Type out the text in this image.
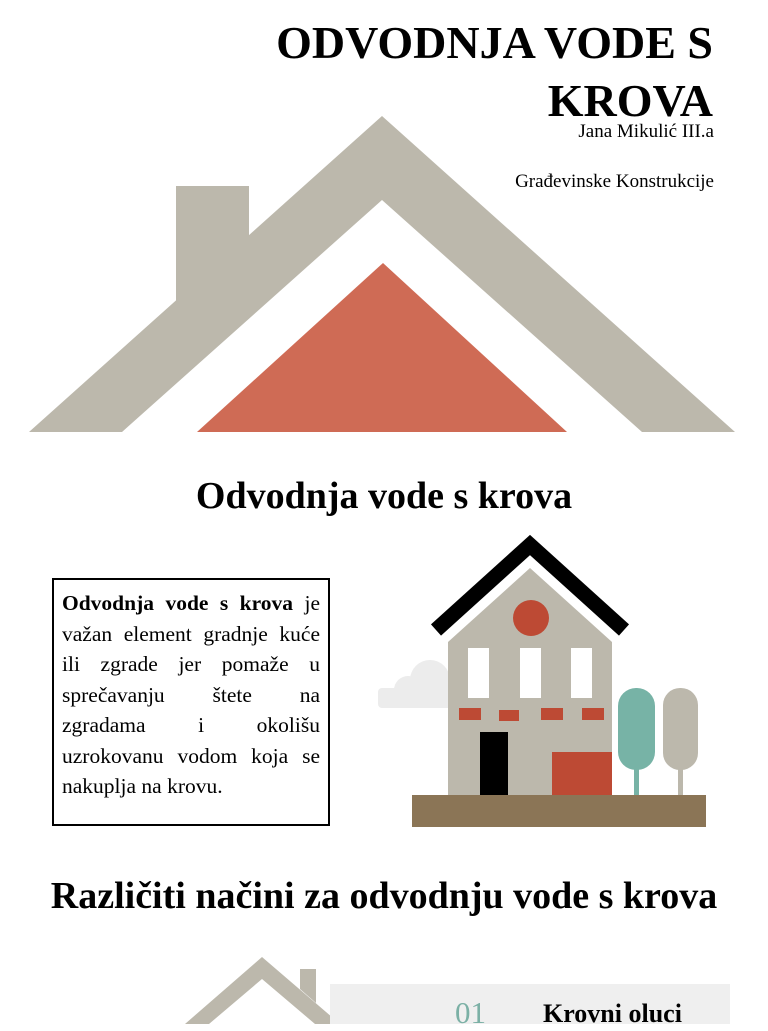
ODVODNJA VODE S KROVA
Jana Mikulić III.a
Građevinske Konstrukcije
Odvodnja vode s krova
Odvodnja vode s krova je važan element gradnje kuće ili zgrade jer pomaže u sprečavanju štete na zgradama i okolišu uzrokovanu vodom koja se nakuplja na krovu.
Različiti načini za odvodnju vode s krova
01 Krovni oluci
